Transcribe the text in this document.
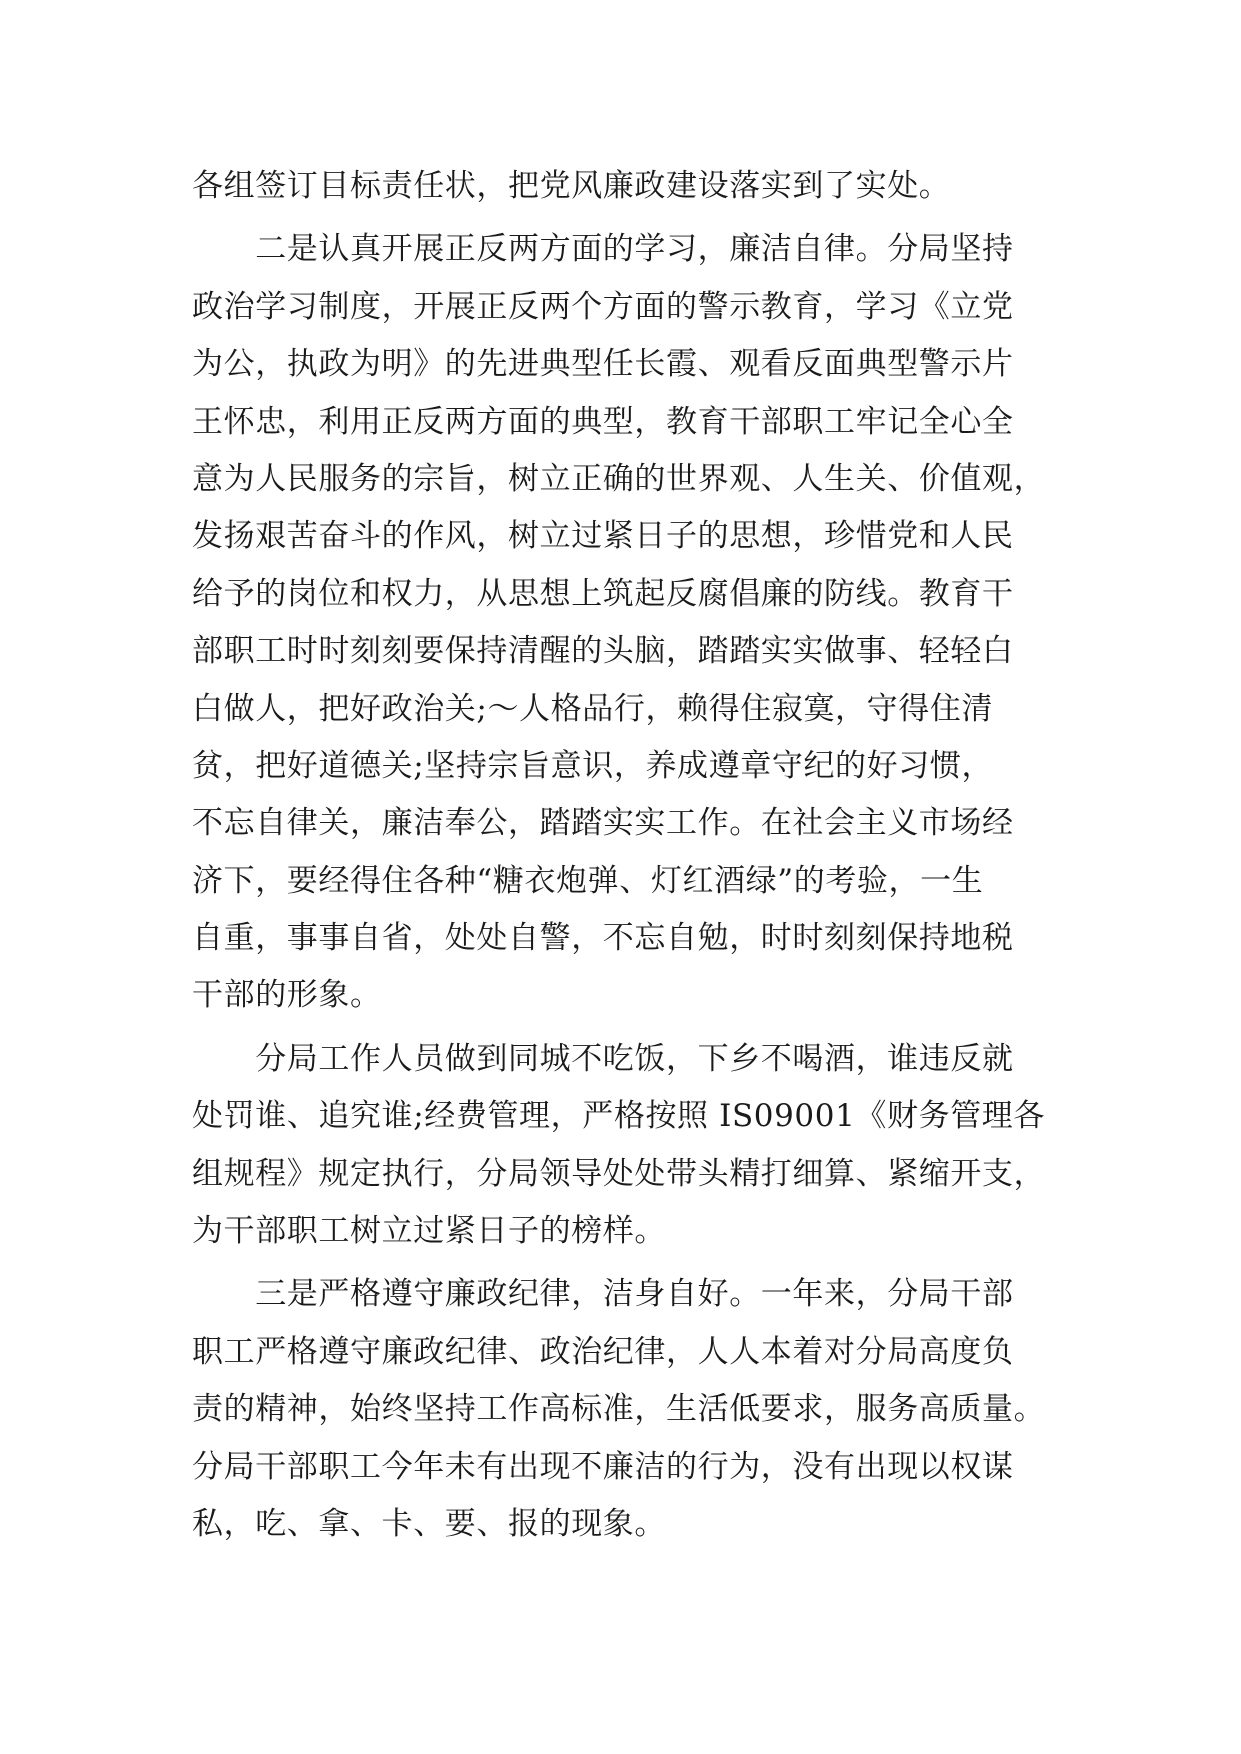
各组签订目标责任状，把党风廉政建设落实到了实处。
　　二是认真开展正反两方面的学习，廉洁自律。分局坚持
政治学习制度，开展正反两个方面的警示教育，学习《立党
为公，执政为明》的先进典型任长霞、观看反面典型警示片
王怀忠，利用正反两方面的典型，教育干部职工牢记全心全
意为人民服务的宗旨，树立正确的世界观、人生关、价值观，
发扬艰苦奋斗的作风，树立过紧日子的思想，珍惜党和人民
给予的岗位和权力，从思想上筑起反腐倡廉的防线。教育干
部职工时时刻刻要保持清醒的头脑，踏踏实实做事、轻轻白
白做人，把好政治关;～人格品行，赖得住寂寞，守得住清
贫，把好道德关;坚持宗旨意识，养成遵章守纪的好习惯，
不忘自律关，廉洁奉公，踏踏实实工作。在社会主义市场经
济下，要经得住各种“糖衣炮弹、灯红酒绿”的考验，一生
自重，事事自省，处处自警，不忘自勉，时时刻刻保持地税
干部的形象。
　　分局工作人员做到同城不吃饭，下乡不喝酒，谁违反就
处罚谁、追究谁;经费管理，严格按照 IS09001《财务管理各
组规程》规定执行，分局领导处处带头精打细算、紧缩开支，
为干部职工树立过紧日子的榜样。
　　三是严格遵守廉政纪律，洁身自好。一年来，分局干部
职工严格遵守廉政纪律、政治纪律，人人本着对分局高度负
责的精神，始终坚持工作高标准，生活低要求，服务高质量。
分局干部职工今年未有出现不廉洁的行为，没有出现以权谋
私，吃、拿、卡、要、报的现象。
